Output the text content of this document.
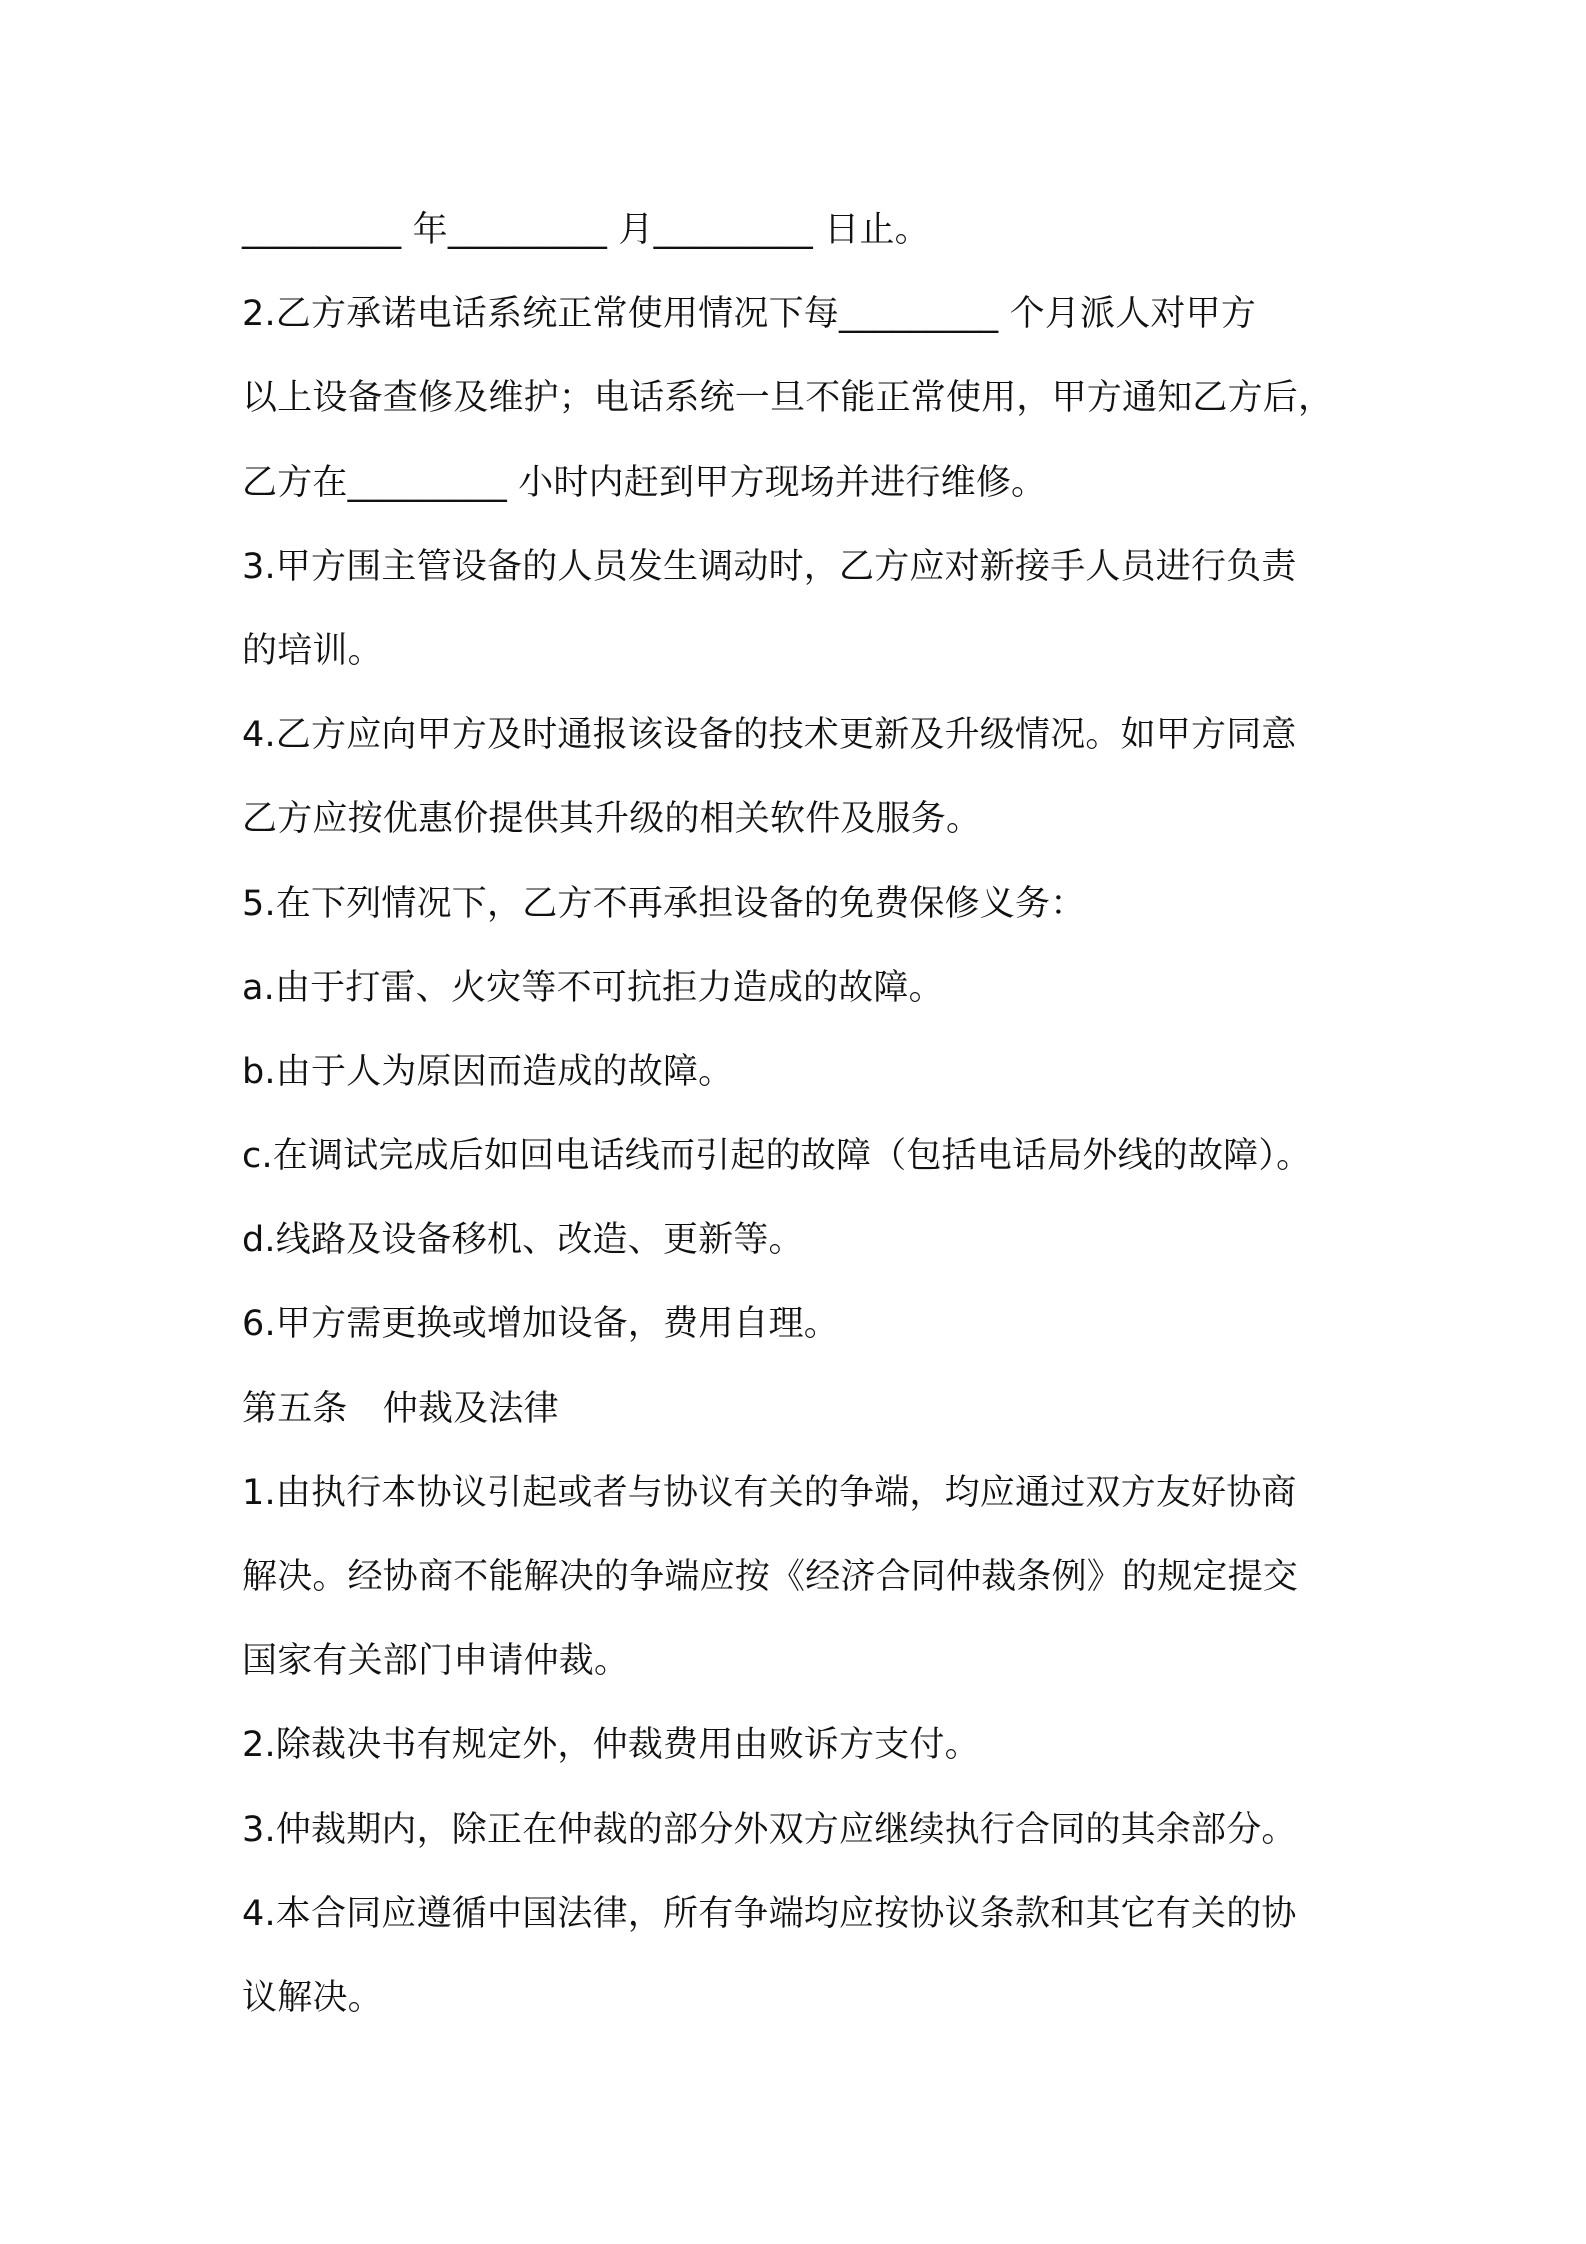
_________ 年_________ 月_________ 日止。
2.乙方承诺电话系统正常使用情况下每_________ 个月派人对甲方
以上设备查修及维护；电话系统一旦不能正常使用，甲方通知乙方后，
乙方在_________ 小时内赶到甲方现场并进行维修。
3.甲方围主管设备的人员发生调动时，乙方应对新接手人员进行负责
的培训。
4.乙方应向甲方及时通报该设备的技术更新及升级情况。如甲方同意
乙方应按优惠价提供其升级的相关软件及服务。
5.在下列情况下，乙方不再承担设备的免费保修义务：
a.由于打雷、火灾等不可抗拒力造成的故障。
b.由于人为原因而造成的故障。
c.在调试完成后如回电话线而引起的故障（包括电话局外线的故障）。
d.线路及设备移机、改造、更新等。
6.甲方需更换或增加设备，费用自理。
第五条　仲裁及法律
1.由执行本协议引起或者与协议有关的争端，均应通过双方友好协商
解决。经协商不能解决的争端应按《经济合同仲裁条例》的规定提交
国家有关部门申请仲裁。
2.除裁决书有规定外，仲裁费用由败诉方支付。
3.仲裁期内，除正在仲裁的部分外双方应继续执行合同的其余部分。
4.本合同应遵循中国法律，所有争端均应按协议条款和其它有关的协
议解决。
